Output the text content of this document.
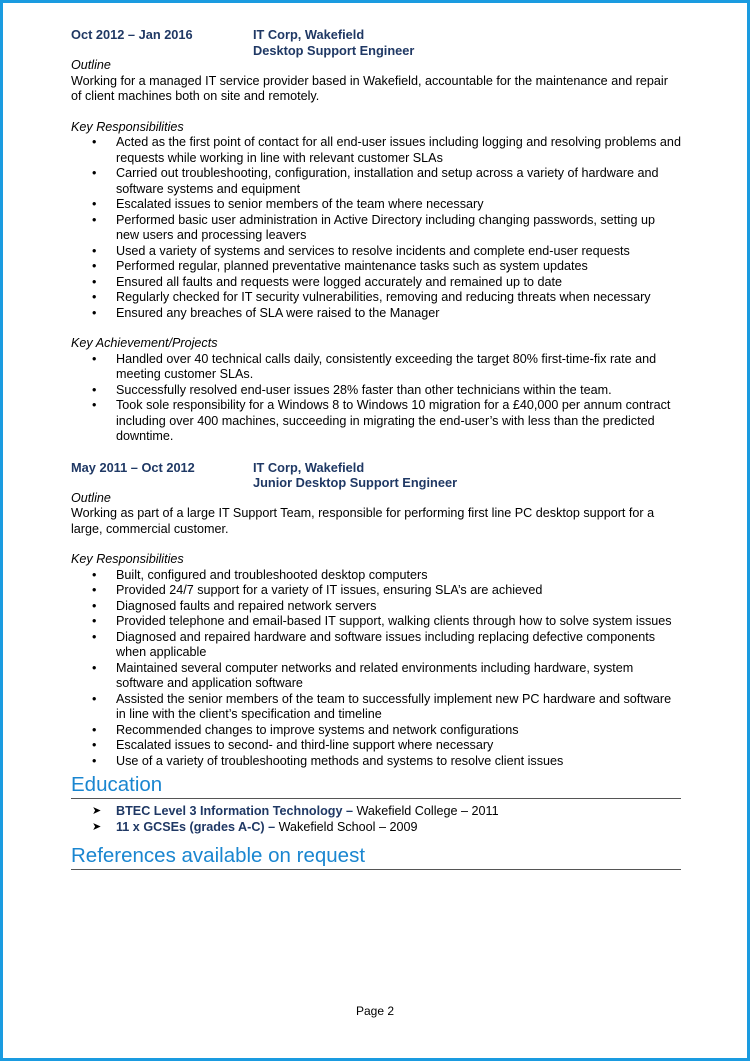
Oct 2012 – Jan 2016	IT Corp, Wakefield
Desktop Support Engineer
Outline

Working for a managed IT service provider based in Wakefield, accountable for the maintenance and repair of client machines both on site and remotely.

Key Responsibilities
• Acted as the first point of contact for all end-user issues including logging and resolving problems and requests while working in line with relevant customer SLAs
• Carried out troubleshooting, configuration, installation and setup across a variety of hardware and software systems and equipment
• Escalated issues to senior members of the team where necessary
• Performed basic user administration in Active Directory including changing passwords, setting up new users and processing leavers
• Used a variety of systems and services to resolve incidents and complete end-user requests
• Performed regular, planned preventative maintenance tasks such as system updates
• Ensured all faults and requests were logged accurately and remained up to date
• Regularly checked for IT security vulnerabilities, removing and reducing threats when necessary
• Ensured any breaches of SLA were raised to the Manager
Key Achievement/Projects
• Handled over 40 technical calls daily, consistently exceeding the target 80% first-time-fix rate and meeting customer SLAs.
• Successfully resolved end-user issues 28% faster than other technicians within the team.
• Took sole responsibility for a Windows 8 to Windows 10 migration for a £40,000 per annum contract including over 400 machines, succeeding in migrating the end-user’s with less than the predicted downtime.
May 2011 – Oct 2012	IT Corp, Wakefield
Junior Desktop Support Engineer
Outline

Working as part of a large IT Support Team, responsible for performing first line PC desktop support for a large, commercial customer.

Key Responsibilities
• Built, configured and troubleshooted desktop computers
• Provided 24/7 support for a variety of IT issues, ensuring SLA’s are achieved
• Diagnosed faults and repaired network servers
• Provided telephone and email-based IT support, walking clients through how to solve system issues
• Diagnosed and repaired hardware and software issues including replacing defective components when applicable
• Maintained several computer networks and related environments including hardware, system software and application software
• Assisted the senior members of the team to successfully implement new PC hardware and software in line with the client’s specification and timeline
• Recommended changes to improve systems and network configurations
• Escalated issues to second- and third-line support where necessary
• Use of a variety of troubleshooting methods and systems to resolve client issues
Education
➤ BTEC Level 3 Information Technology – Wakefield College – 2011
➤ 11 x GCSEs (grades A-C) – Wakefield School – 2009
References available on request
Page 2
